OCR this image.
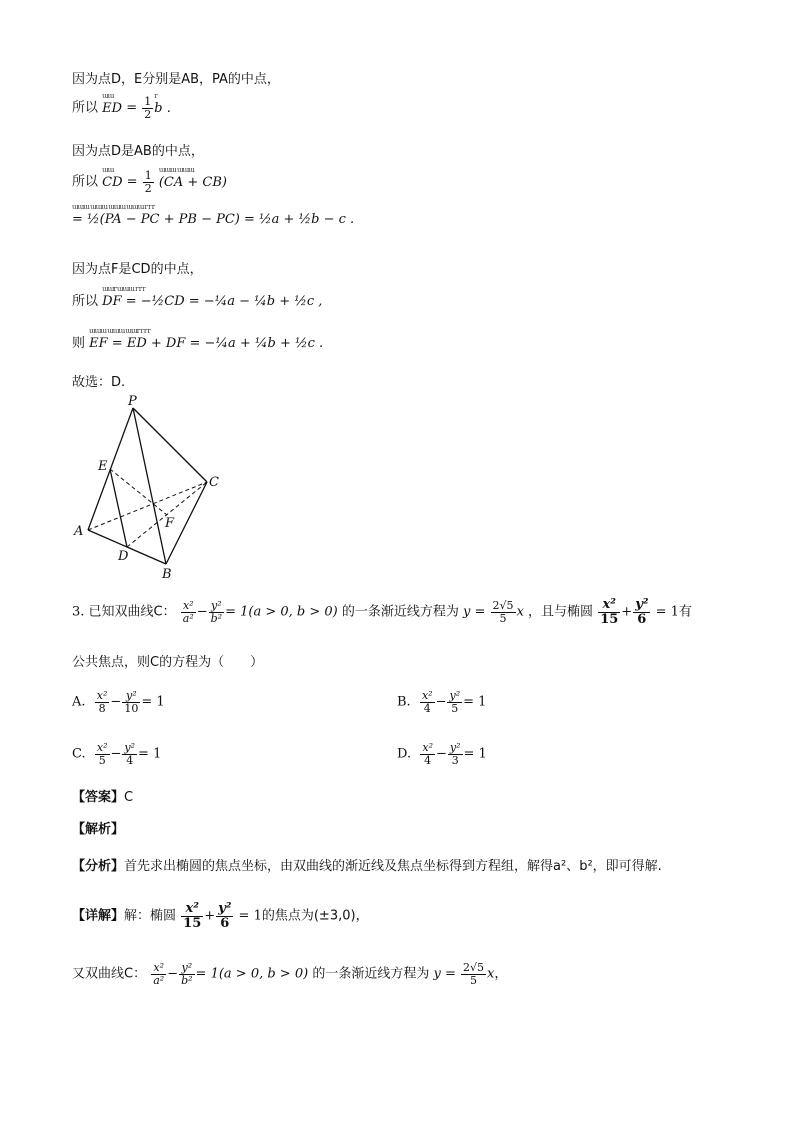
因为点D，E分别是AB，PA的中点，
所以
ɯɯ
ED = $\frac{1}{2}$
r
b .
因为点D是AB的中点，
所以
ɯɯ
CD = $\frac{1}{2}$

ɯɯɯ ɯɯɯ
(CA + CB)
ɯɯɯ ɯɯɯ ɯɯɯ ɯɯɯ r r r
= ½(PA − PC + PB − PC) = ½a + ½b − c .
因为点F是CD的中点，
所以
ɯɯr ɯɯɯ r r r
DF = −½CD = −¼a − ¼b + ½c ,
则
ɯɯɯ ɯɯɯ ɯɯr r r r
EF = ED + DF = −¼a + ¼b + ½c .
故选：D.
P
E
C
A
F
D
B
3. 已知双曲线C： $\frac{\text{x²}}{\text{a²}} - \frac{\text{y²}}{\text{b²}} = 1(a > 0$, b > 0) 的一条渐近线方程为 $y = \frac{2√5}{5}$ x ，且与椭圆 $\frac{\text{x²}}{15} + \frac{\text{y²}}{6} = 1$有
公共焦点，则C的方程为（　　）
A. $\frac{\text{x²}}{8} - \frac{\text{y²}}{10} = 1$	B. $\frac{\text{x²}}{4} - \frac{\text{y²}}{5} = 1$
C. $\frac{\text{x²}}{5} - \frac{\text{y²}}{4} = 1$	D. $\frac{\text{x²}}{4} - \frac{\text{y²}}{3} = 1$
【答案】C
【解析】
【分析】首先求出椭圆的焦点坐标，由双曲线的渐近线及焦点坐标得到方程组，解得a²、b²，即可得解.
【详解】解：椭圆 $\frac{\text{x²}}{15} + \frac{\text{y²}}{6} = 1$的焦点为(±3,0)，
又双曲线C： $\frac{\text{x²}}{\text{a²}} - \frac{\text{y²}}{\text{b²}} = 1(a > 0$, b > 0) 的一条渐近线方程为 $y = \frac{2√5}{5}$ x，
